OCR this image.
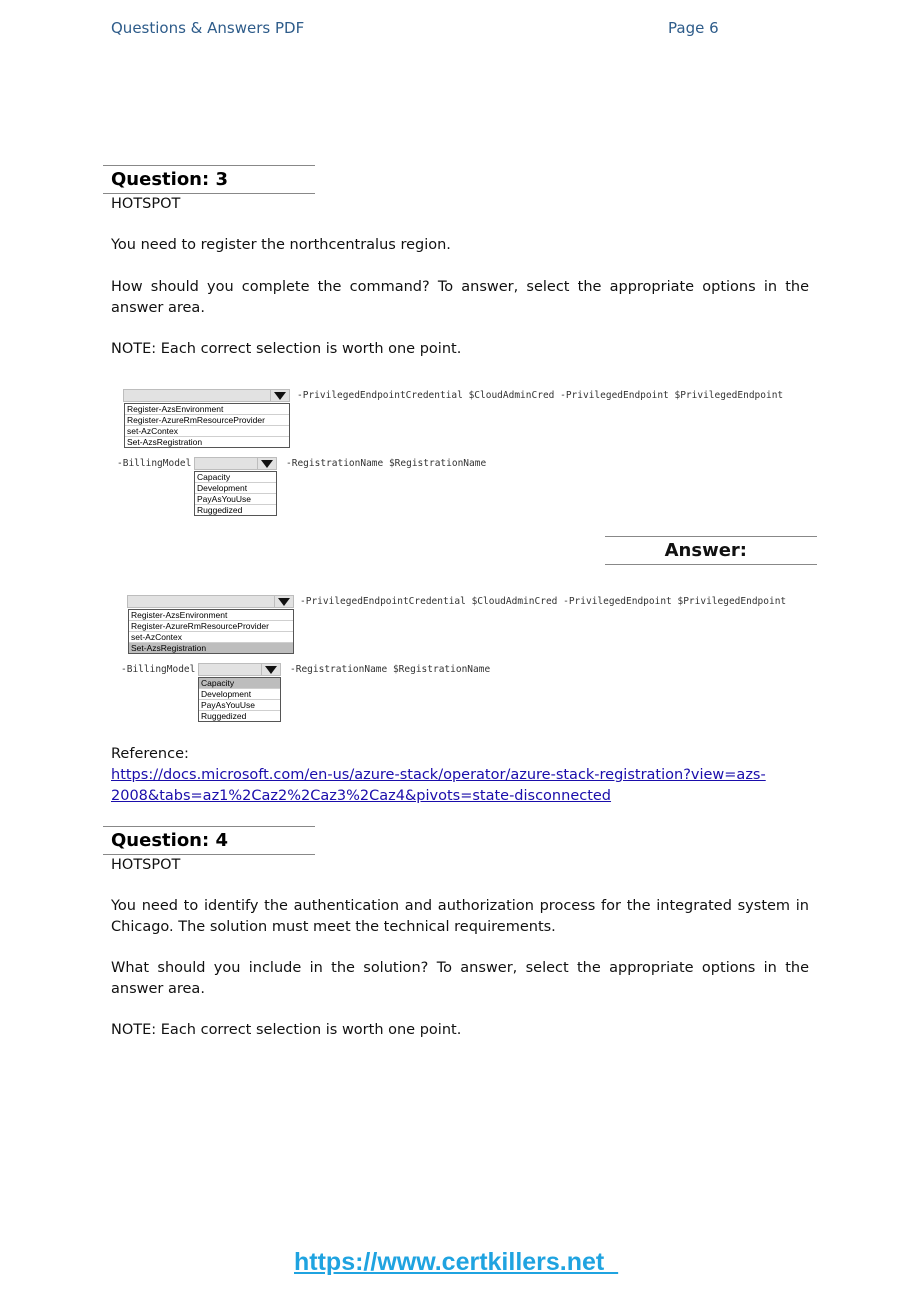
Questions & Answers PDF	Page 6
Question: 3
HOTSPOT
You need to register the northcentralus region.
How should you complete the command? To answer, select the appropriate options in the answer area.
NOTE: Each correct selection is worth one point.
-PrivilegedEndpointCredential $CloudAdminCred -PrivilegedEndpoint $PrivilegedEndpoint
Register-AzsEnvironment
Register-AzureRmResourceProvider
set-AzContex
Set-AzsRegistration
-BillingModel	-RegistrationName $RegistrationName
Capacity
Development
PayAsYouUse
Ruggedized
Answer:
-PrivilegedEndpointCredential $CloudAdminCred -PrivilegedEndpoint $PrivilegedEndpoint
Register-AzsEnvironment
Register-AzureRmResourceProvider
set-AzContex
Set-AzsRegistration
-BillingModel	-RegistrationName $RegistrationName
Capacity
Development
PayAsYouUse
Ruggedized
Reference:
https://docs.microsoft.com/en-us/azure-stack/operator/azure-stack-registration?view=azs-
2008&tabs=az1%2Caz2%2Caz3%2Caz4&pivots=state-disconnected
Question: 4
HOTSPOT
You need to identify the authentication and authorization process for the integrated system in Chicago. The solution must meet the technical requirements.
What should you include in the solution? To answer, select the appropriate options in the answer area.
NOTE: Each correct selection is worth one point.
https://www.certkillers.net
